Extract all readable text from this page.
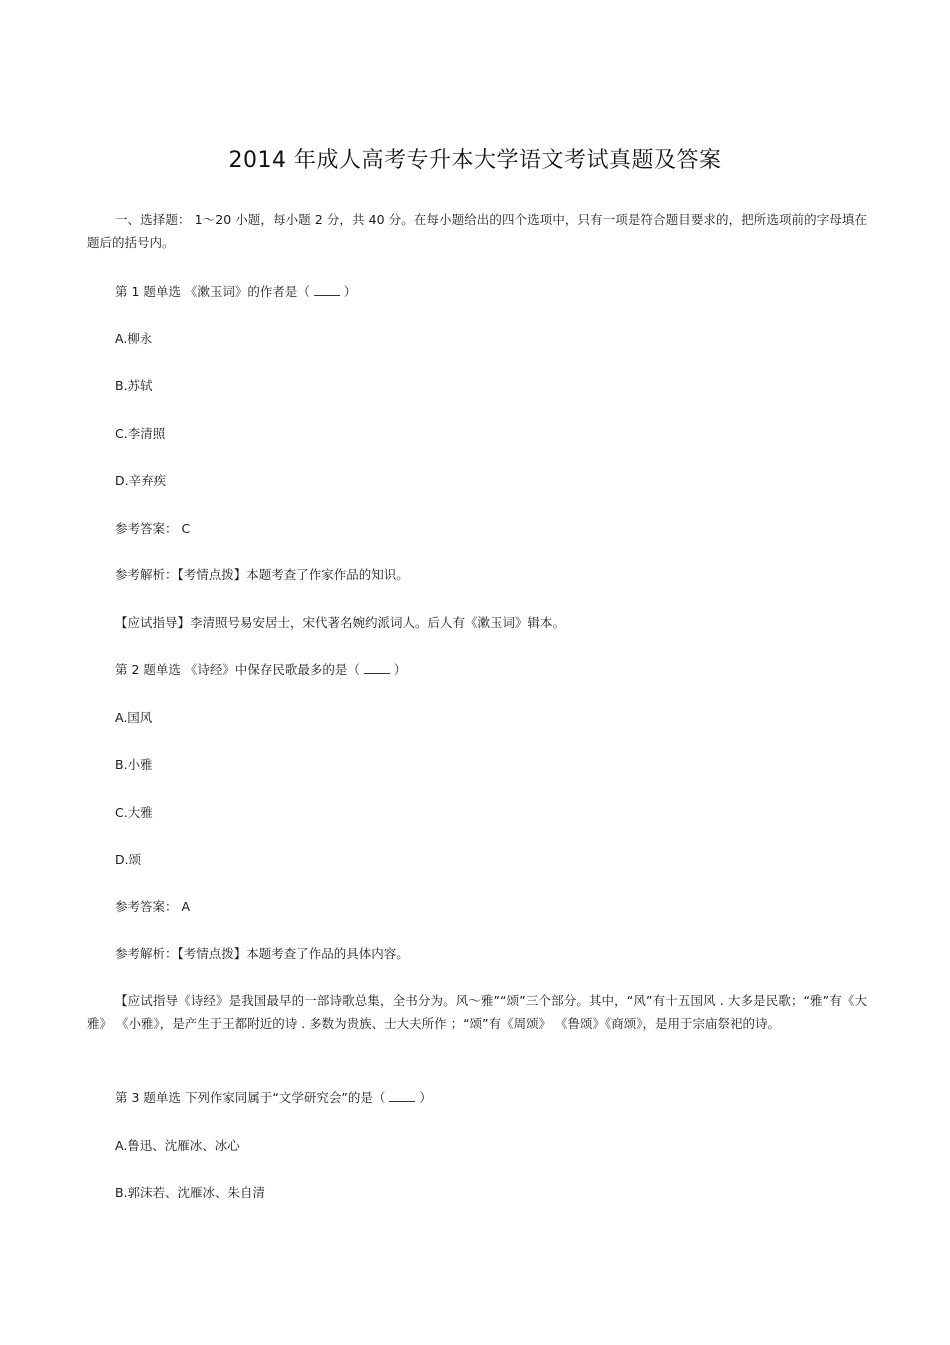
2014 年成人高考专升本大学语文考试真题及答案
一、选择题： 1～20 小题，每小题 2 分，共 40 分。在每小题给出的四个选项中，只有一项是符合题目要求的，把所选项前的字母填在题后的括号内。
第 1 题单选 《漱玉词》的作者是（	）
A.柳永
B.苏轼
C.李清照
D.辛弃疾
参考答案： C
参考解析：【考情点拨】本题考查了作家作品的知识。
【应试指导】李清照号易安居士，宋代著名婉约派词人。后人有《漱玉词》辑本。
第 2 题单选 《诗经》中保存民歌最多的是（	）
A.国风
B.小雅
C.大雅
D.颂
参考答案： A
参考解析：【考情点拨】本题考查了作品的具体内容。
【应试指导《诗经》是我国最早的一部诗歌总集，全书分为。风～雅”“颂”三个部分。其中，“风”有十五国风 . 大多是民歌；“雅”有《大雅》 《小雅》，是产生于王都附近的诗 . 多数为贵族、士大夫所作 ；“颂”有《周颂》 《鲁颂》《商颂》，是用于宗庙祭祀的诗。
第 3 题单选 下列作家同属于“文学研究会”的是（	）
A.鲁迅、沈雁冰、冰心
B.郭沫若、沈雁冰、朱自清
